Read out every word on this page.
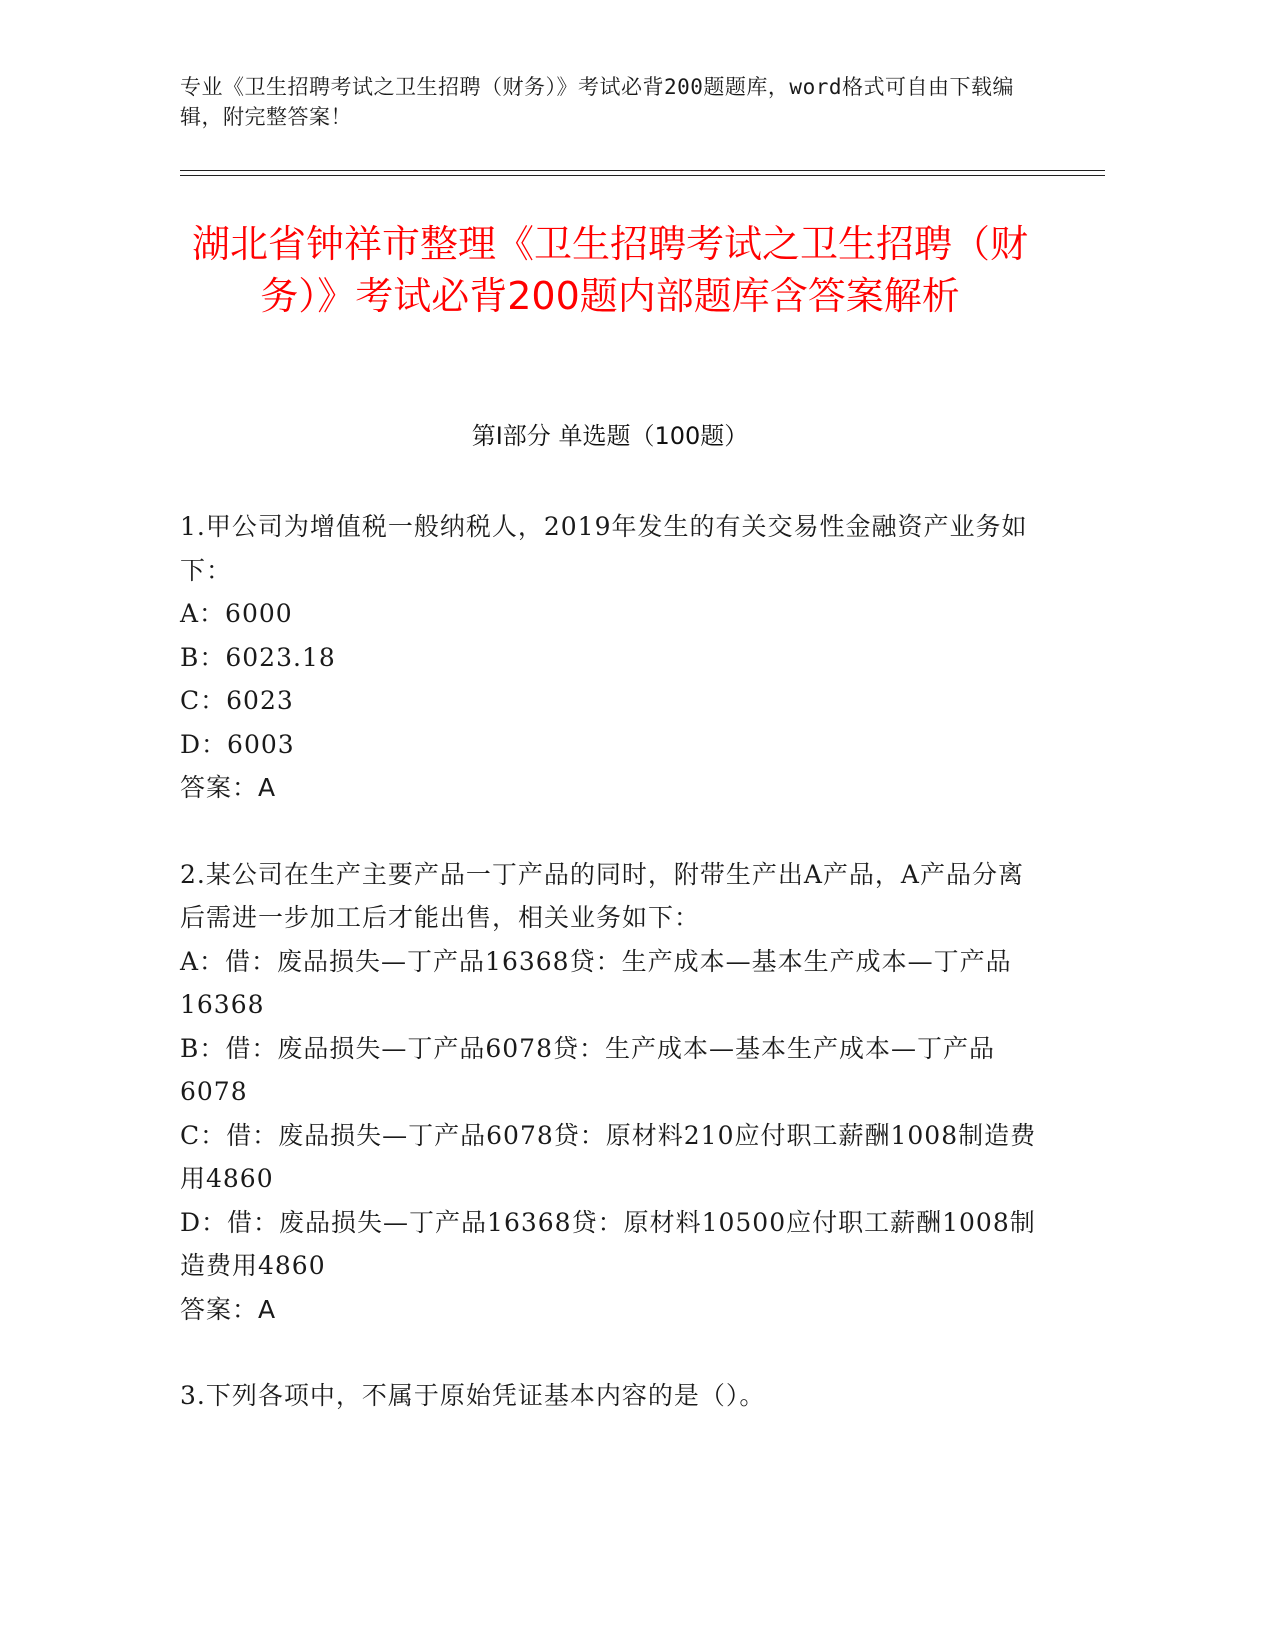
专业《卫生招聘考试之卫生招聘（财务）》考试必背200题题库，word格式可自由下载编辑，附完整答案！
湖北省钟祥市整理《卫生招聘考试之卫生招聘（财务）》考试必背200题内部题库含答案解析
第Ⅰ部分 单选题（100题）

1.甲公司为增值税一般纳税人，2019年发生的有关交易性金融资产业务如下：

A：6000

B：6023.18

C：6023

D：6003

答案：A

2.某公司在生产主要产品一丁产品的同时，附带生产出A产品，A产品分离后需进一步加工后才能出售，相关业务如下：

A：借：废品损失—丁产品16368贷：生产成本—基本生产成本—丁产品16368

B：借：废品损失—丁产品6078贷：生产成本—基本生产成本—丁产品6078

C：借：废品损失—丁产品6078贷：原材料210应付职工薪酬1008制造费用4860

D：借：废品损失—丁产品16368贷：原材料10500应付职工薪酬1008制造费用4860

答案：A

3.下列各项中，不属于原始凭证基本内容的是（）。
